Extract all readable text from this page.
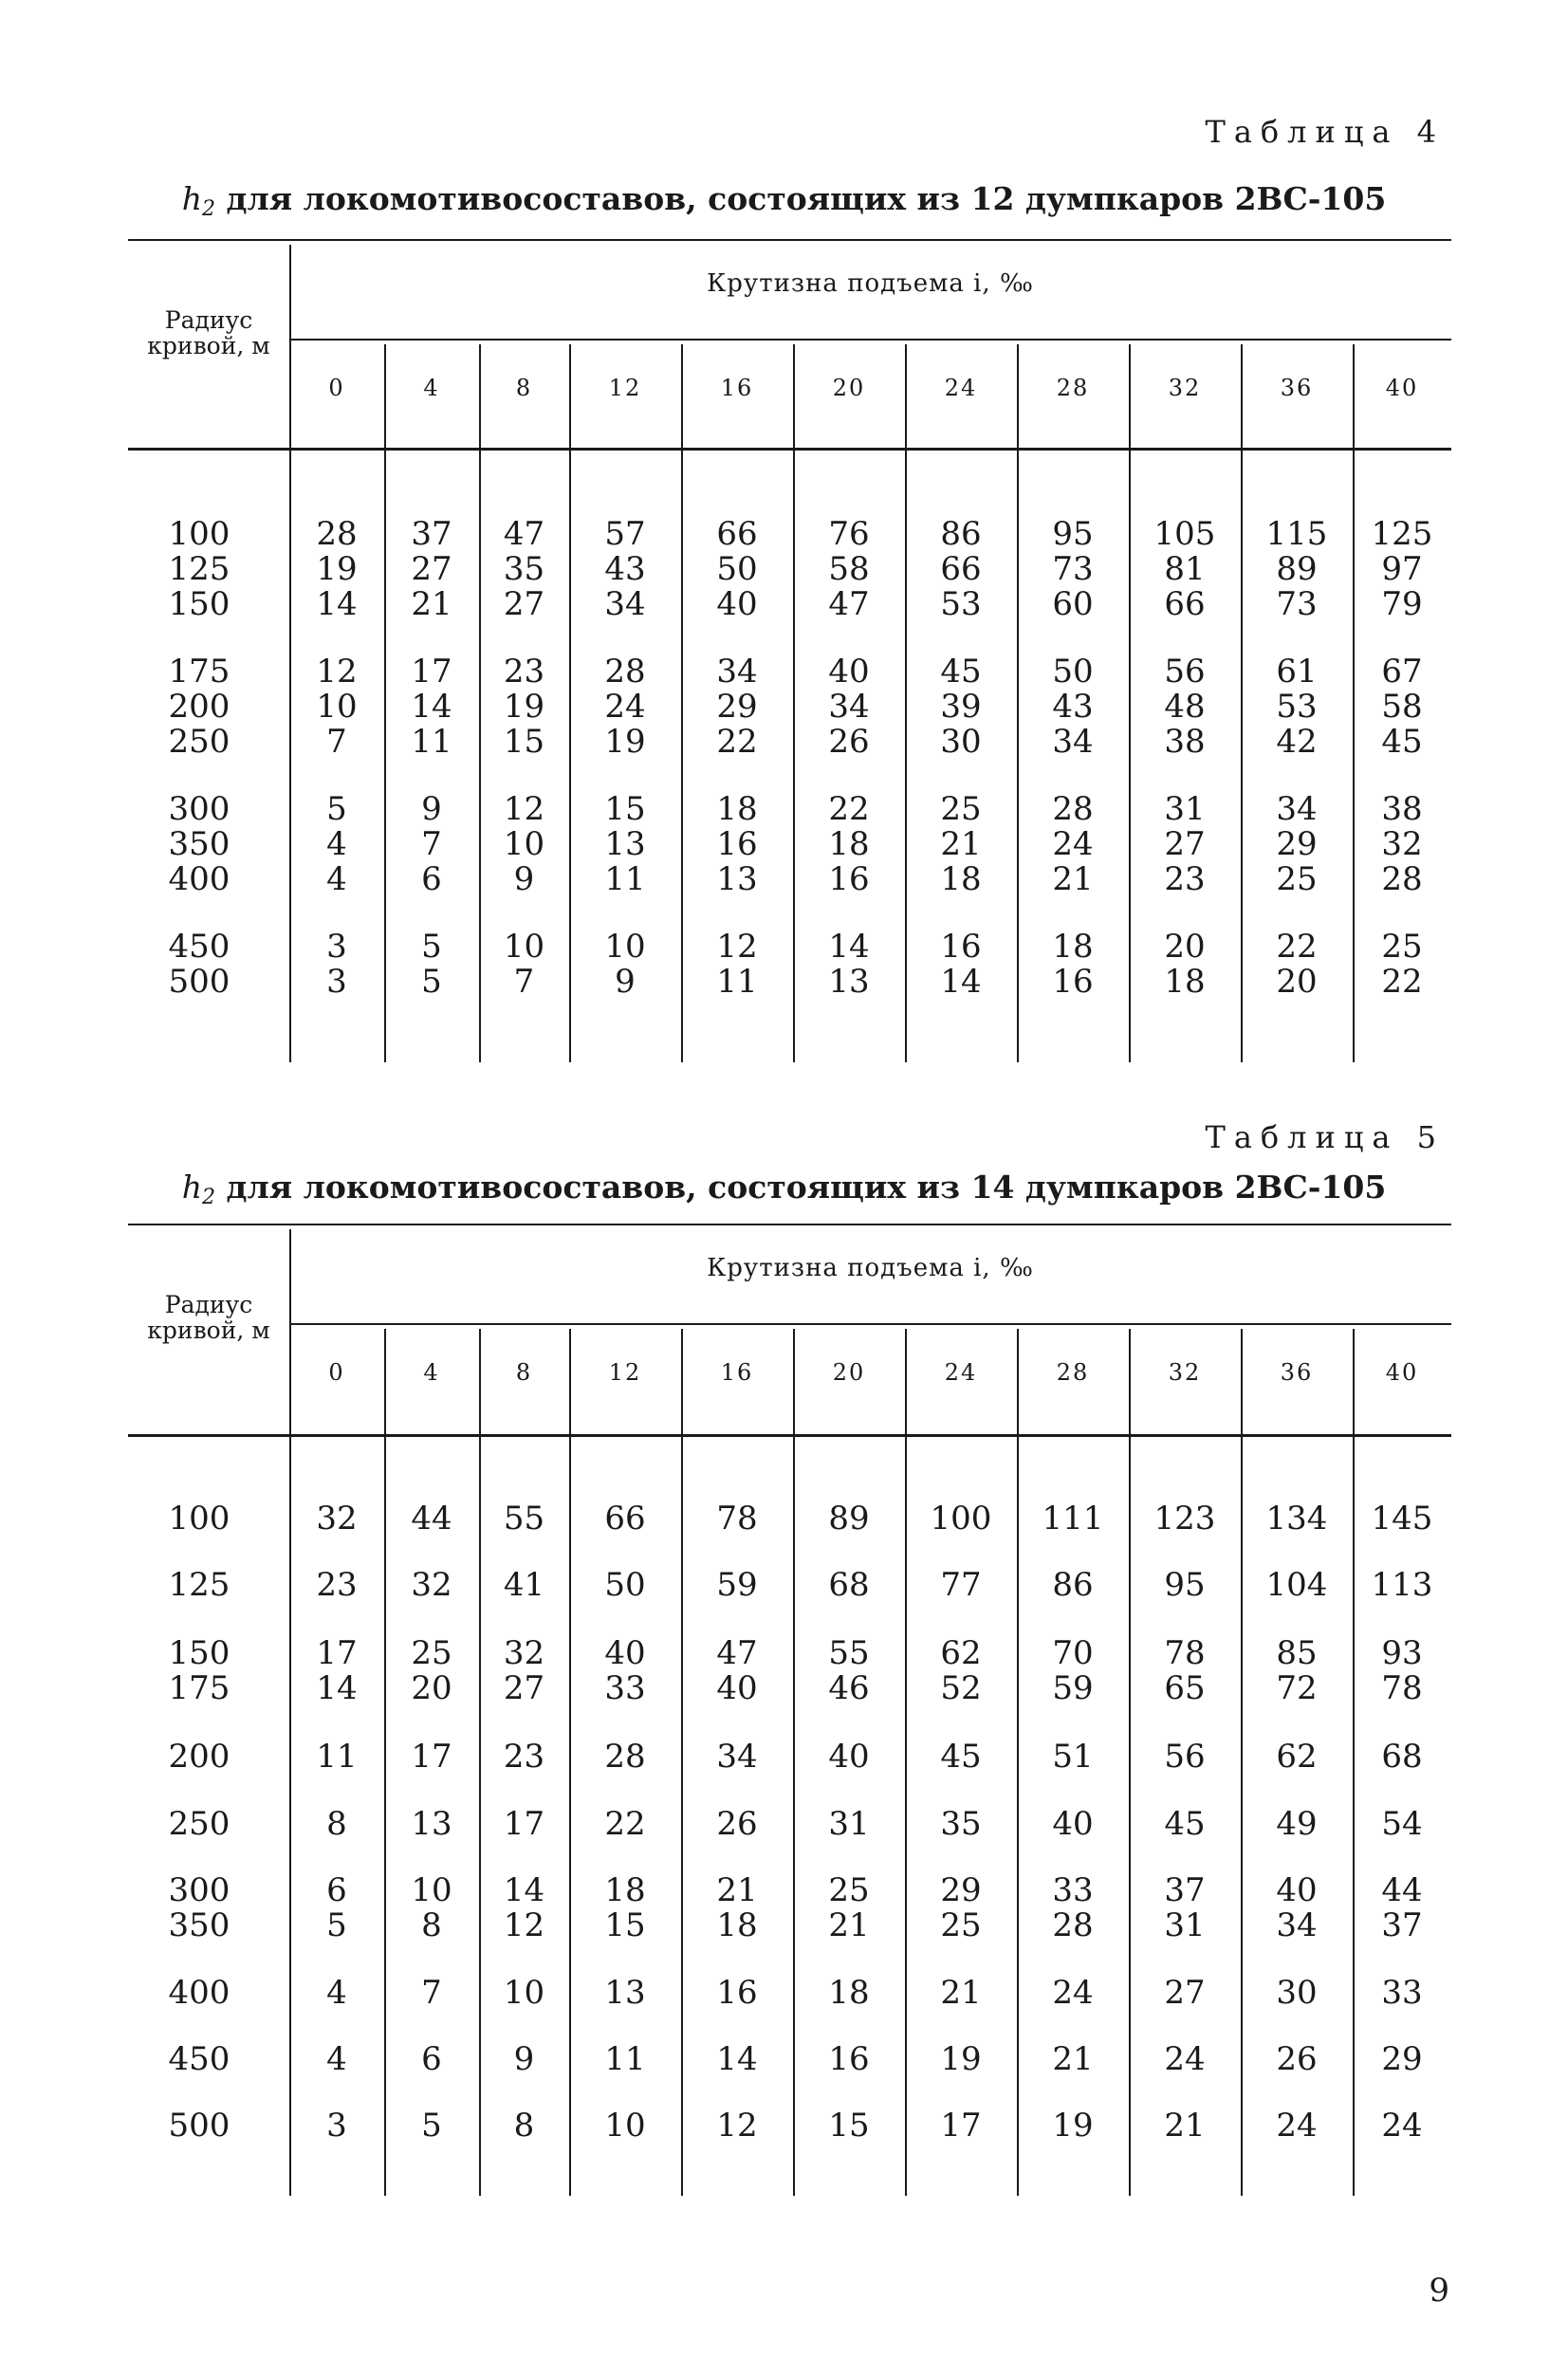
Таблица 4
$h_2$ для локомотивосоставов, состоящих из 12 думпкаров 2ВС-105
Радиус кривой, м
Крутизна подъема i, ‰
0	4	8	12	16	20	24	28	32	36	40
100	28	37	47	57	66	76	86	95	105	115	125
125	19	27	35	43	50	58	66	73	81	89	97
150	14	21	27	34	40	47	53	60	66	73	79
175	12	17	23	28	34	40	45	50	56	61	67
200	10	14	19	24	29	34	39	43	48	53	58
250	7	11	15	19	22	26	30	34	38	42	45
300	5	9	12	15	18	22	25	28	31	34	38
350	4	7	10	13	16	18	21	24	27	29	32
400	4	6	9	11	13	16	18	21	23	25	28
450	3	5	10	10	12	14	16	18	20	22	25
500	3	5	7	9	11	13	14	16	18	20	22
Таблица 5
$h_2$ для локомотивосоставов, состоящих из 14 думпкаров 2ВС-105
Радиус кривой, м
Крутизна подъема i, ‰
0	4	8	12	16	20	24	28	32	36	40
100	32	44	55	66	78	89	100	111	123	134	145
125	23	32	41	50	59	68	77	86	95	104	113
150	17	25	32	40	47	55	62	70	78	85	93
175	14	20	27	33	40	46	52	59	65	72	78
200	11	17	23	28	34	40	45	51	56	62	68
250	8	13	17	22	26	31	35	40	45	49	54
300	6	10	14	18	21	25	29	33	37	40	44
350	5	8	12	15	18	21	25	28	31	34	37
400	4	7	10	13	16	18	21	24	27	30	33
450	4	6	9	11	14	16	19	21	24	26	29
500	3	5	8	10	12	15	17	19	21	24	24
9
